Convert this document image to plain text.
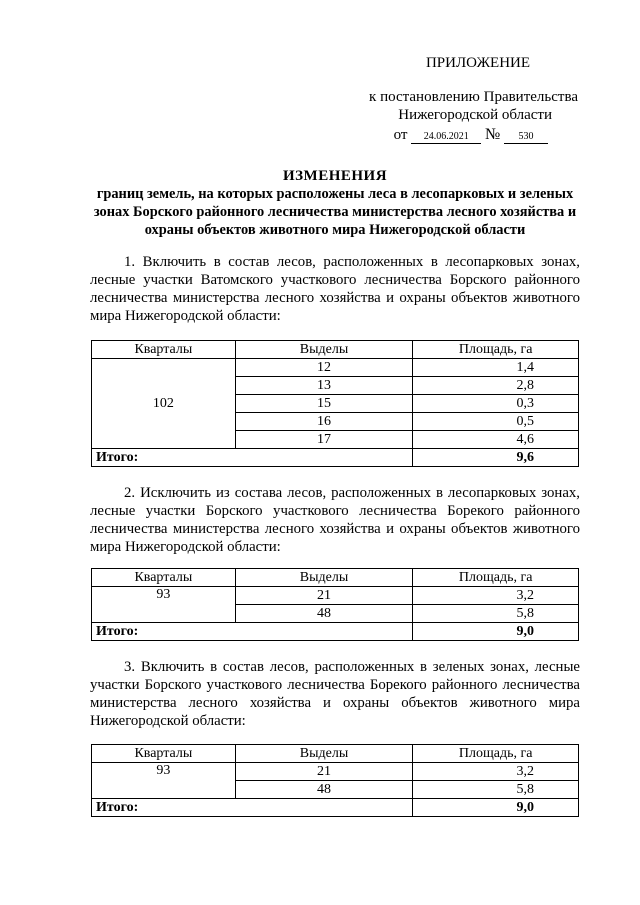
ПРИЛОЖЕНИЕ
к постановлению Правительства
Нижегородской области
от 24.06.2021 № 530
ИЗМЕНЕНИЯ
границ земель, на которых расположены леса в лесопарковых и зеленых зонах Борского районного лесничества министерства лесного хозяйства и охраны объектов животного мира Нижегородской области
1. Включить в состав лесов, расположенных в лесопарковых зонах, лесные участки Ватомского участкового лесничества Борского районного лесничества министерства лесного хозяйства и охраны объектов животного мира Нижегородской области:
Кварталы	Выделы	Площадь, га
102	12	1,4
	13	2,8
	15	0,3
	16	0,5
	17	4,6
Итого:		9,6
2. Исключить из состава лесов, расположенных в лесопарковых зонах, лесные участки Борского участкового лесничества Борекого районного лесничества министерства лесного хозяйства и охраны объектов животного мира Нижегородской области:
Кварталы	Выделы	Площадь, га
93	21	3,2
	48	5,8
Итого:		9,0
3. Включить в состав лесов, расположенных в зеленых зонах, лесные участки Борского участкового лесничества Борекого районного лесничества министерства лесного хозяйства и охраны объектов животного мира Нижегородской области:
Кварталы	Выделы	Площадь, га
93	21	3,2
	48	5,8
Итого:		9,0
